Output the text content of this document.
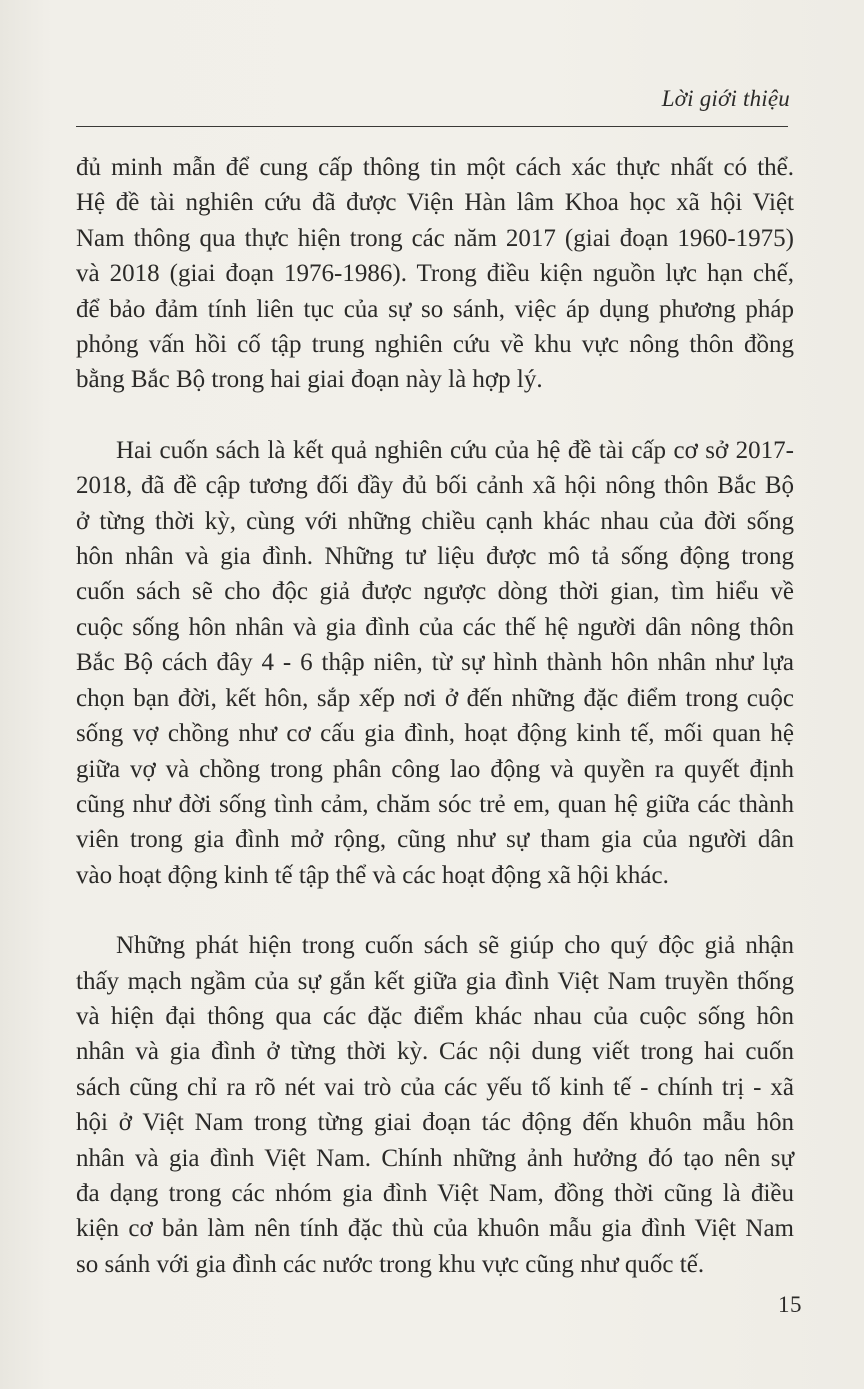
Lời giới thiệu

đủ minh mẫn để cung cấp thông tin một cách xác thực nhất có thể.
Hệ đề tài nghiên cứu đã được Viện Hàn lâm Khoa học xã hội Việt
Nam thông qua thực hiện trong các năm 2017 (giai đoạn 1960-1975)
và 2018 (giai đoạn 1976-1986). Trong điều kiện nguồn lực hạn chế,
để bảo đảm tính liên tục của sự so sánh, việc áp dụng phương pháp
phỏng vấn hồi cố tập trung nghiên cứu về khu vực nông thôn đồng
bằng Bắc Bộ trong hai giai đoạn này là hợp lý.

Hai cuốn sách là kết quả nghiên cứu của hệ đề tài cấp cơ sở 2017-
2018, đã đề cập tương đối đầy đủ bối cảnh xã hội nông thôn Bắc Bộ
ở từng thời kỳ, cùng với những chiều cạnh khác nhau của đời sống
hôn nhân và gia đình. Những tư liệu được mô tả sống động trong
cuốn sách sẽ cho độc giả được ngược dòng thời gian, tìm hiểu về
cuộc sống hôn nhân và gia đình của các thế hệ người dân nông thôn
Bắc Bộ cách đây 4 - 6 thập niên, từ sự hình thành hôn nhân như lựa
chọn bạn đời, kết hôn, sắp xếp nơi ở đến những đặc điểm trong cuộc
sống vợ chồng như cơ cấu gia đình, hoạt động kinh tế, mối quan hệ
giữa vợ và chồng trong phân công lao động và quyền ra quyết định
cũng như đời sống tình cảm, chăm sóc trẻ em, quan hệ giữa các thành
viên trong gia đình mở rộng, cũng như sự tham gia của người dân
vào hoạt động kinh tế tập thể và các hoạt động xã hội khác.

Những phát hiện trong cuốn sách sẽ giúp cho quý độc giả nhận
thấy mạch ngầm của sự gắn kết giữa gia đình Việt Nam truyền thống
và hiện đại thông qua các đặc điểm khác nhau của cuộc sống hôn
nhân và gia đình ở từng thời kỳ. Các nội dung viết trong hai cuốn
sách cũng chỉ ra rõ nét vai trò của các yếu tố kinh tế - chính trị - xã
hội ở Việt Nam trong từng giai đoạn tác động đến khuôn mẫu hôn
nhân và gia đình Việt Nam. Chính những ảnh hưởng đó tạo nên sự
đa dạng trong các nhóm gia đình Việt Nam, đồng thời cũng là điều
kiện cơ bản làm nên tính đặc thù của khuôn mẫu gia đình Việt Nam
so sánh với gia đình các nước trong khu vực cũng như quốc tế.

15
